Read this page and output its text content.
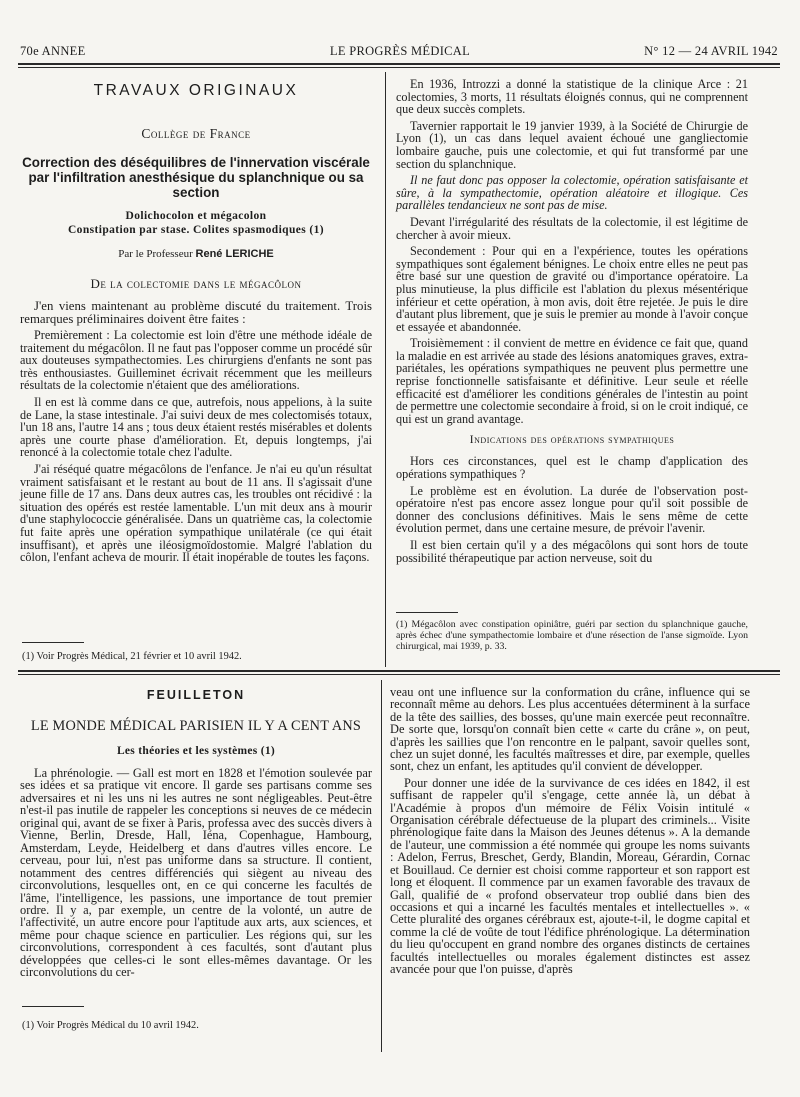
70e ANNEE	LE PROGRÈS MÉDICAL	N° 12 — 24 AVRIL 1942
TRAVAUX ORIGINAUX
Collège de France
Correction des déséquilibres de l'innervation viscérale par l'infiltration anesthésique du splanchnique ou sa section
Dolichocolon et mégacolon
Constipation par stase. Colites spasmodiques (1)
Par le Professeur René LERICHE
De la colectomie dans le mégacôlon

J'en viens maintenant au problème discuté du traitement. Trois remarques préliminaires doivent être faites :

Premièrement : La colectomie est loin d'être une méthode idéale de traitement du mégacôlon. Il ne faut pas l'opposer comme un procédé sûr aux douteuses sympathectomies. Les chirurgiens d'enfants ne sont pas très enthousiastes. Guilleminet écrivait récemment que les meilleurs résultats de la colectomie n'étaient que des améliorations.

Il en est là comme dans ce que, autrefois, nous appelions, à la suite de Lane, la stase intestinale. J'ai suivi deux de mes colectomisés totaux, l'un 18 ans, l'autre 14 ans ; tous deux étaient restés misérables et dolents après une courte phase d'amélioration. Et, depuis longtemps, j'ai renoncé à la colectomie totale chez l'adulte.

J'ai réséqué quatre mégacôlons de l'enfance. Je n'ai eu qu'un résultat vraiment satisfaisant et le restant au bout de 11 ans. Il s'agissait d'une jeune fille de 17 ans. Dans deux autres cas, les troubles ont récidivé : la situation des opérés est restée lamentable. L'un mit deux ans à mourir d'une staphylococcie généralisée. Dans un quatrième cas, la colectomie fut faite après une opération sympathique unilatérale (ce qui était insuffisant), et après une iléosigmoïdostomie. Malgré l'ablation du côlon, l'enfant acheva de mourir. Il était inopérable de toutes les façons.

(1) Voir Progrès Médical, 21 février et 10 avril 1942.

En 1936, Introzzi a donné la statistique de la clinique Arce : 21 colectomies, 3 morts, 11 résultats éloignés connus, qui ne comprennent que deux succès complets.

Tavernier rapportait le 19 janvier 1939, à la Société de Chirurgie de Lyon (1), un cas dans lequel avaient échoué une gangliectomie lombaire gauche, puis une colectomie, et qui fut transformé par une section du splanchnique.

Il ne faut donc pas opposer la colectomie, opération satisfaisante et sûre, à la sympathectomie, opération aléatoire et illogique. Ces parallèles tendancieux ne sont pas de mise.

Devant l'irrégularité des résultats de la colectomie, il est légitime de chercher à avoir mieux.

Secondement : Pour qui en a l'expérience, toutes les opérations sympathiques sont également bénignes. Le choix entre elles ne peut pas être basé sur une question de gravité ou d'importance opératoire. La plus minutieuse, la plus difficile est l'ablation du plexus mésentérique inférieur et cette opération, à mon avis, doit être rejetée. Je puis le dire d'autant plus librement, que je suis le premier au monde à l'avoir conçue et essayée et abandonnée.

Troisièmement : il convient de mettre en évidence ce fait que, quand la maladie en est arrivée au stade des lésions anatomiques graves, extra-pariétales, les opérations sympathiques ne peuvent plus permettre une reprise fonctionnelle satisfaisante et définitive. Leur seule et réelle efficacité est d'améliorer les conditions générales de l'intestin au point de permettre une colectomie secondaire à froid, si on le croit indiqué, ce qui est un grand avantage.

Indications des opérations sympathiques

Hors ces circonstances, quel est le champ d'application des opérations sympathiques ?

Le problème est en évolution. La durée de l'observation post-opératoire n'est pas encore assez longue pour qu'il soit possible de donner des conclusions définitives. Mais le sens même de cette évolution permet, dans une certaine mesure, de prévoir l'avenir.

Il est bien certain qu'il y a des mégacôlons qui sont hors de toute possibilité thérapeutique par action nerveuse, soit du

(1) Mégacôlon avec constipation opiniâtre, guéri par section du splanchnique gauche, après échec d'une sympathectomie lombaire et d'une résection de l'anse sigmoïde. Lyon chirurgical, mai 1939, p. 33.
FEUILLETON
LE MONDE MÉDICAL PARISIEN IL Y A CENT ANS
Les théories et les systèmes (1)

La phrénologie. — Gall est mort en 1828 et l'émotion soulevée par ses idées et sa pratique vit encore. Il garde ses partisans comme ses adversaires et ni les uns ni les autres ne sont négligeables. Peut-être n'est-il pas inutile de rappeler les conceptions si neuves de ce médecin original qui, avant de se fixer à Paris, professa avec des succès divers à Vienne, Berlin, Dresde, Hall, Iéna, Copenhague, Hambourg, Amsterdam, Leyde, Heidelberg et dans d'autres villes encore. Le cerveau, pour lui, n'est pas uniforme dans sa structure. Il contient, notamment des centres différenciés qui siègent au niveau des circonvolutions, lesquelles ont, en ce qui concerne les facultés de l'âme, l'intelligence, les passions, une importance de tout premier ordre. Il y a, par exemple, un centre de la volonté, un autre de l'affectivité, un autre encore pour l'aptitude aux arts, aux sciences, et même pour chaque science en particulier. Les régions qui, sur les circonvolutions, correspondent à ces facultés, sont d'autant plus développées que celles-ci le sont elles-mêmes davantage. Or les circonvolutions du cer-

(1) Voir Progrès Médical du 10 avril 1942.

veau ont une influence sur la conformation du crâne, influence qui se reconnaît même au dehors. Les plus accentuées déterminent à la surface de la tête des saillies, des bosses, qu'une main exercée peut reconnaître. De sorte que, lorsqu'on connaît bien cette « carte du crâne », on peut, d'après les saillies que l'on rencontre en le palpant, savoir quelles sont, chez un sujet donné, les facultés maîtresses et dire, par exemple, quelles sont, chez un enfant, les aptitudes qu'il convient de développer.

Pour donner une idée de la survivance de ces idées en 1842, il est suffisant de rappeler qu'il s'engage, cette année là, un débat à l'Académie à propos d'un mémoire de Félix Voisin intitulé « Organisation cérébrale défectueuse de la plupart des criminels... Visite phrénologique faite dans la Maison des Jeunes détenus ». A la demande de l'auteur, une commission a été nommée qui groupe les noms suivants : Adelon, Ferrus, Breschet, Gerdy, Blandin, Moreau, Gérardin, Cornac et Bouillaud. Ce dernier est choisi comme rapporteur et son rapport est long et éloquent. Il commence par un examen favorable des travaux de Gall, qualifié de « profond observateur trop oublié dans bien des occasions et qui a incarné les facultés mentales et intellectuelles ». « Cette pluralité des organes cérébraux est, ajoute-t-il, le dogme capital et comme la clé de voûte de tout l'édifice phrénologique. La détermination du lieu qu'occupent en grand nombre des organes distincts de certaines facultés intellectuelles ou morales également distinctes est assez avancée pour que l'on puisse, d'après
